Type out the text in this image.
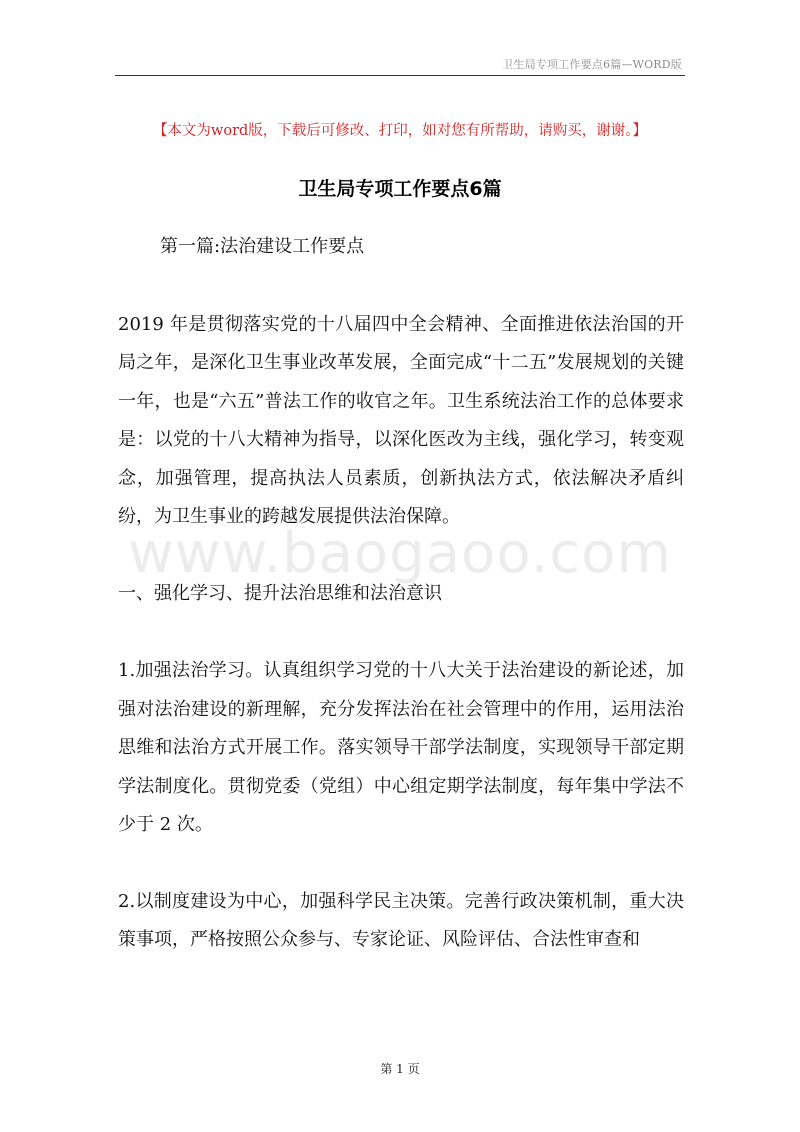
卫生局专项工作要点6篇—WORD版
【本文为word版，下载后可修改、打印，如对您有所帮助，请购买，谢谢。】
卫生局专项工作要点6篇
www.baogaoo.com

第一篇:法治建设工作要点

2019 年是贯彻落实党的十八届四中全会精神、全面推进依法治国的开局之年，是深化卫生事业改革发展，全面完成“十二五”发展规划的关键一年，也是“六五”普法工作的收官之年。卫生系统法治工作的总体要求是：以党的十八大精神为指导，以深化医改为主线，强化学习，转变观念，加强管理，提高执法人员素质，创新执法方式，依法解决矛盾纠纷，为卫生事业的跨越发展提供法治保障。

一、强化学习、提升法治思维和法治意识

1.加强法治学习。认真组织学习党的十八大关于法治建设的新论述，加强对法治建设的新理解，充分发挥法治在社会管理中的作用，运用法治思维和法治方式开展工作。落实领导干部学法制度，实现领导干部定期学法制度化。贯彻党委（党组）中心组定期学法制度，每年集中学法不少于 2 次。

2.以制度建设为中心，加强科学民主决策。完善行政决策机制，重大决策事项，严格按照公众参与、专家论证、风险评估、合法性审查和

第 1 页
